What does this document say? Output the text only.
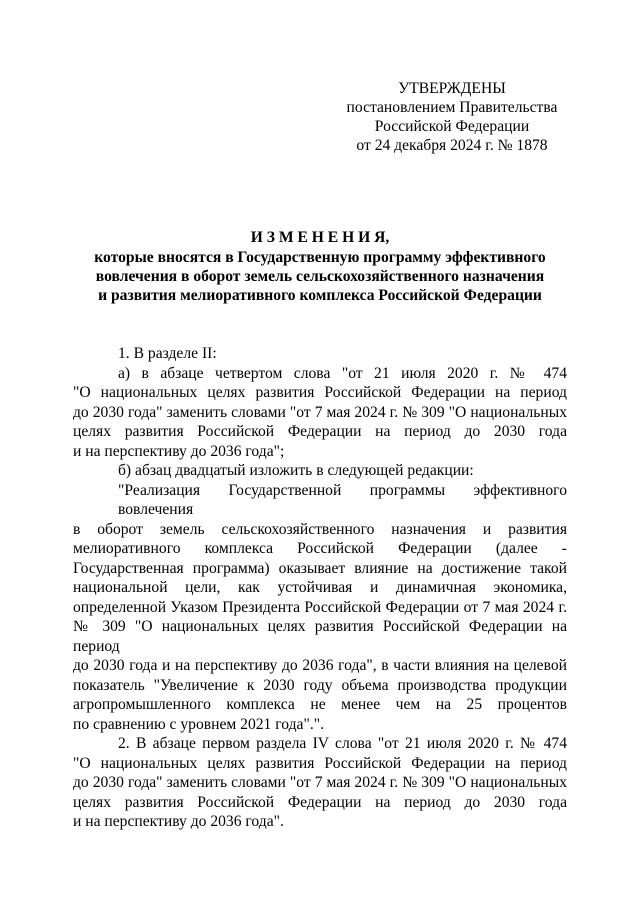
УТВЕРЖДЕНЫ
постановлением Правительства
Российской Федерации
от 24 декабря 2024 г. № 1878
И З М Е Н Е Н И Я,
которые вносятся в Государственную программу эффективного
вовлечения в оборот земель сельскохозяйственного назначения
и развития мелиоративного комплекса Российской Федерации
1. В разделе II:
а) в абзаце четвертом слова "от 21 июля 2020 г. № 474
"О национальных целях развития Российской Федерации на период
до 2030 года" заменить словами "от 7 мая 2024 г. № 309 "О национальных
целях развития Российской Федерации на период до 2030 года
и на перспективу до 2036 года";
б) абзац двадцатый изложить в следующей редакции:
"Реализация Государственной программы эффективного вовлечения
в оборот земель сельскохозяйственного назначения и развития
мелиоративного комплекса Российской Федерации (далее -
Государственная программа) оказывает влияние на достижение такой
национальной цели, как устойчивая и динамичная экономика,
определенной Указом Президента Российской Федерации от 7 мая 2024 г.
№ 309 "О национальных целях развития Российской Федерации на период
до 2030 года и на перспективу до 2036 года", в части влияния на целевой
показатель "Увеличение к 2030 году объема производства продукции
агропромышленного комплекса не менее чем на 25 процентов
по сравнению с уровнем 2021 года".".
2. В абзаце первом раздела IV слова "от 21 июля 2020 г. № 474
"О национальных целях развития Российской Федерации на период
до 2030 года" заменить словами "от 7 мая 2024 г. № 309 "О национальных
целях развития Российской Федерации на период до 2030 года
и на перспективу до 2036 года".
